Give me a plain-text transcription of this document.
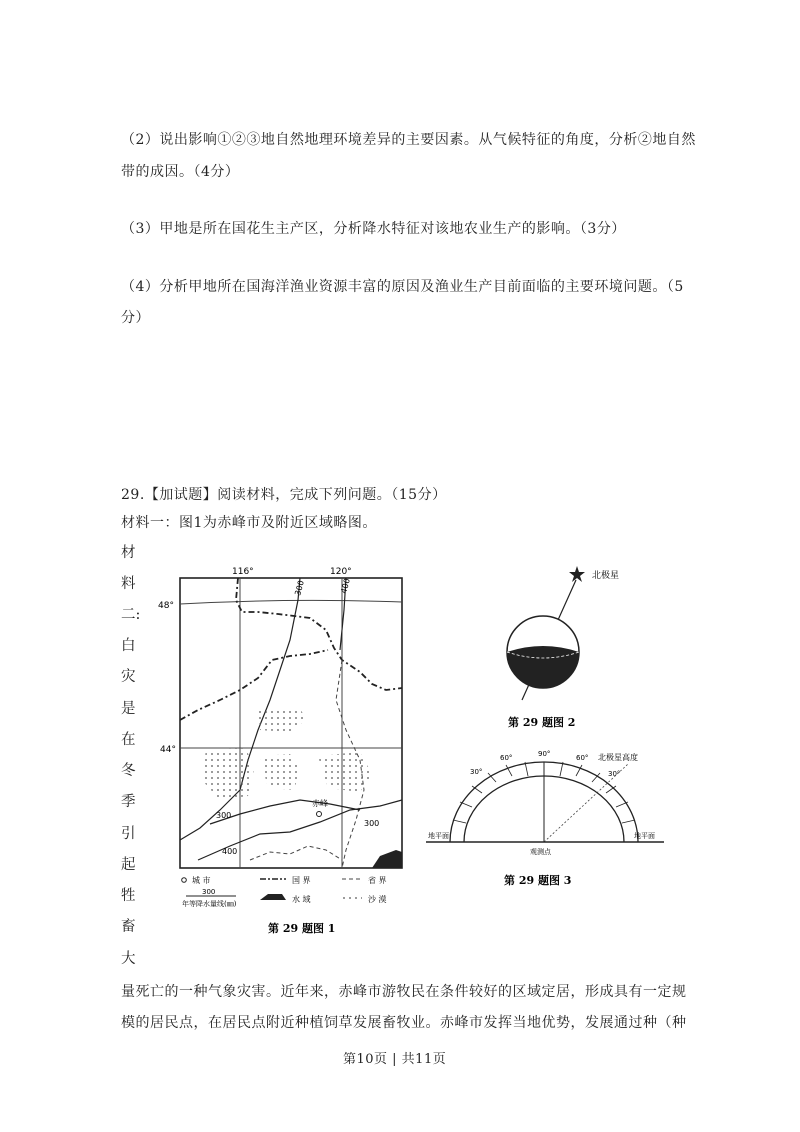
（2）说出影响①②③地自然地理环境差异的主要因素。从气候特征的角度，分析②地自然
带的成因。（4分）
（3）甲地是所在国花生主产区，分析降水特征对该地农业生产的影响。（3分）
（4）分析甲地所在国海洋渔业资源丰富的原因及渔业生产目前面临的主要环境问题。（5
分）
29.【加试题】阅读材料，完成下列问题。（15分）
材料一：图1为赤峰市及附近区域略图。
材
料
二:
白
灾
是
在
冬
季
引
起
牲
畜
大
量死亡的一种气象灾害。近年来，赤峰市游牧民在条件较好的区域定居，形成具有一定规
模的居民点，在居民点附近种植饲草发展畜牧业。赤峰市发挥当地优势，发展通过种（种
116°	120°
48°
44°
300	400
300
400
300
赤峰
城 市	国 界	省 界
300
年等降水量线(㎜)	水 域	沙 漠
第 29 题图 1
北极星
第 29 题图 2
北极星高度
30°
60°	90°	60°
30°
地平面	地平面
观测点
第 29 题图 3
第10页 | 共11页
